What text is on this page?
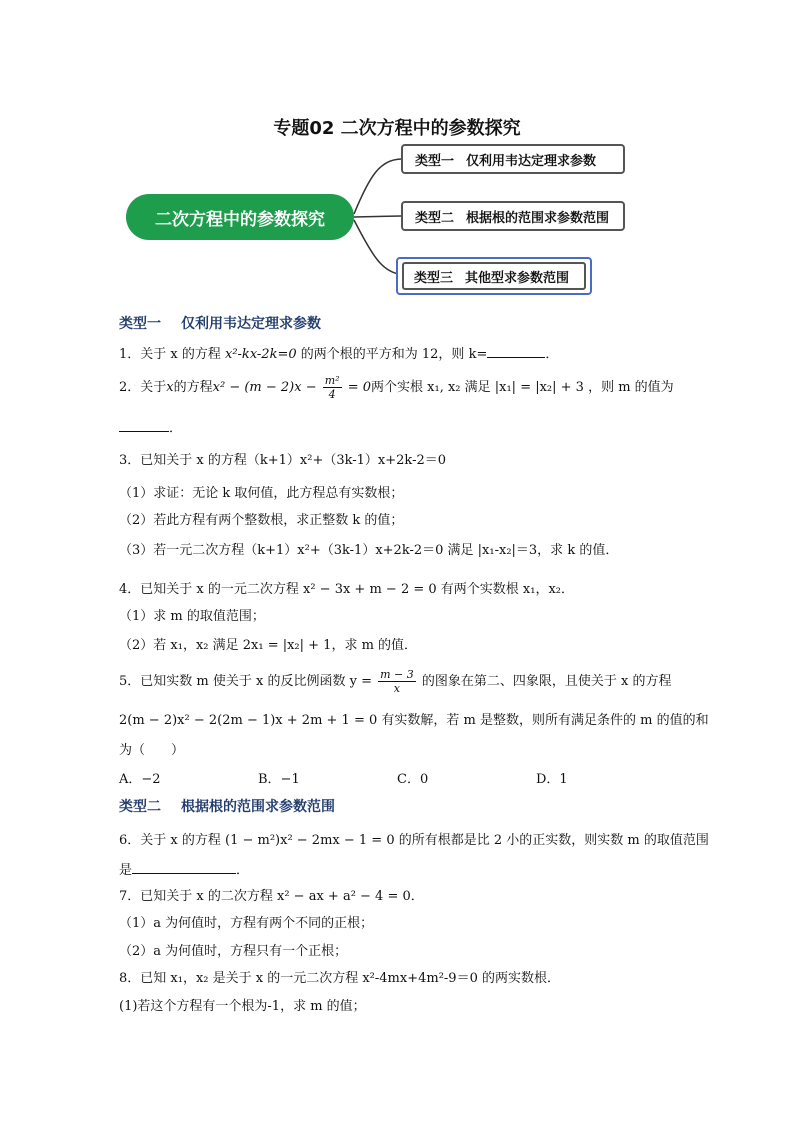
专题02 二次方程中的参数探究
二次方程中的参数探究
类型一 仅利用韦达定理求参数
类型二 根据根的范围求参数范围
类型三 其他型求参数范围
类型一 仅利用韦达定理求参数
1．关于 x 的方程 x²-kx-2k=0 的两个根的平方和为 12，则 k=	．
2．关于x的方程$x^2 - (m - 2)x - \frac{\text{m²}}{4} = 0$两个实根 x₁, x₂ 满足 |x₁| = |x₂| + 3 ，则 m 的值为
．
3．已知关于 x 的方程（k+1）x²+（3k-1）x+2k-2＝0
（1）求证：无论 k 取何值，此方程总有实数根；
（2）若此方程有两个整数根，求正整数 k 的值；
（3）若一元二次方程（k+1）x²+（3k-1）x+2k-2＝0 满足 |x₁-x₂|＝3，求 k 的值．
4．已知关于 x 的一元二次方程 x² − 3x + m − 2 = 0 有两个实数根 x₁，x₂．
（1）求 m 的取值范围；
（2）若 x₁，x₂ 满足 2x₁ = |x₂| + 1，求 m 的值．
5．已知实数 m 使关于 x 的反比例函数 $y = \frac{m - 3}{x}$ 的图象在第二、四象限，且使关于 x 的方程
2(m − 2)x² − 2(2m − 1)x + 2m + 1 = 0 有实数解，若 m 是整数，则所有满足条件的 m 的值的和
为（　　）
A．−2	B．−1	C．0	D．1
类型二 根据根的范围求参数范围
6．关于 x 的方程 (1 − m²)x² − 2mx − 1 = 0 的所有根都是比 2 小的正实数，则实数 m 的取值范围
是	．
7．已知关于 x 的二次方程 x² − ax + a² − 4 = 0．
（1）a 为何值时，方程有两个不同的正根；
（2）a 为何值时，方程只有一个正根；
8．已知 x₁，x₂ 是关于 x 的一元二次方程 x²-4mx+4m²-9＝0 的两实数根．
(1)若这个方程有一个根为-1，求 m 的值；
